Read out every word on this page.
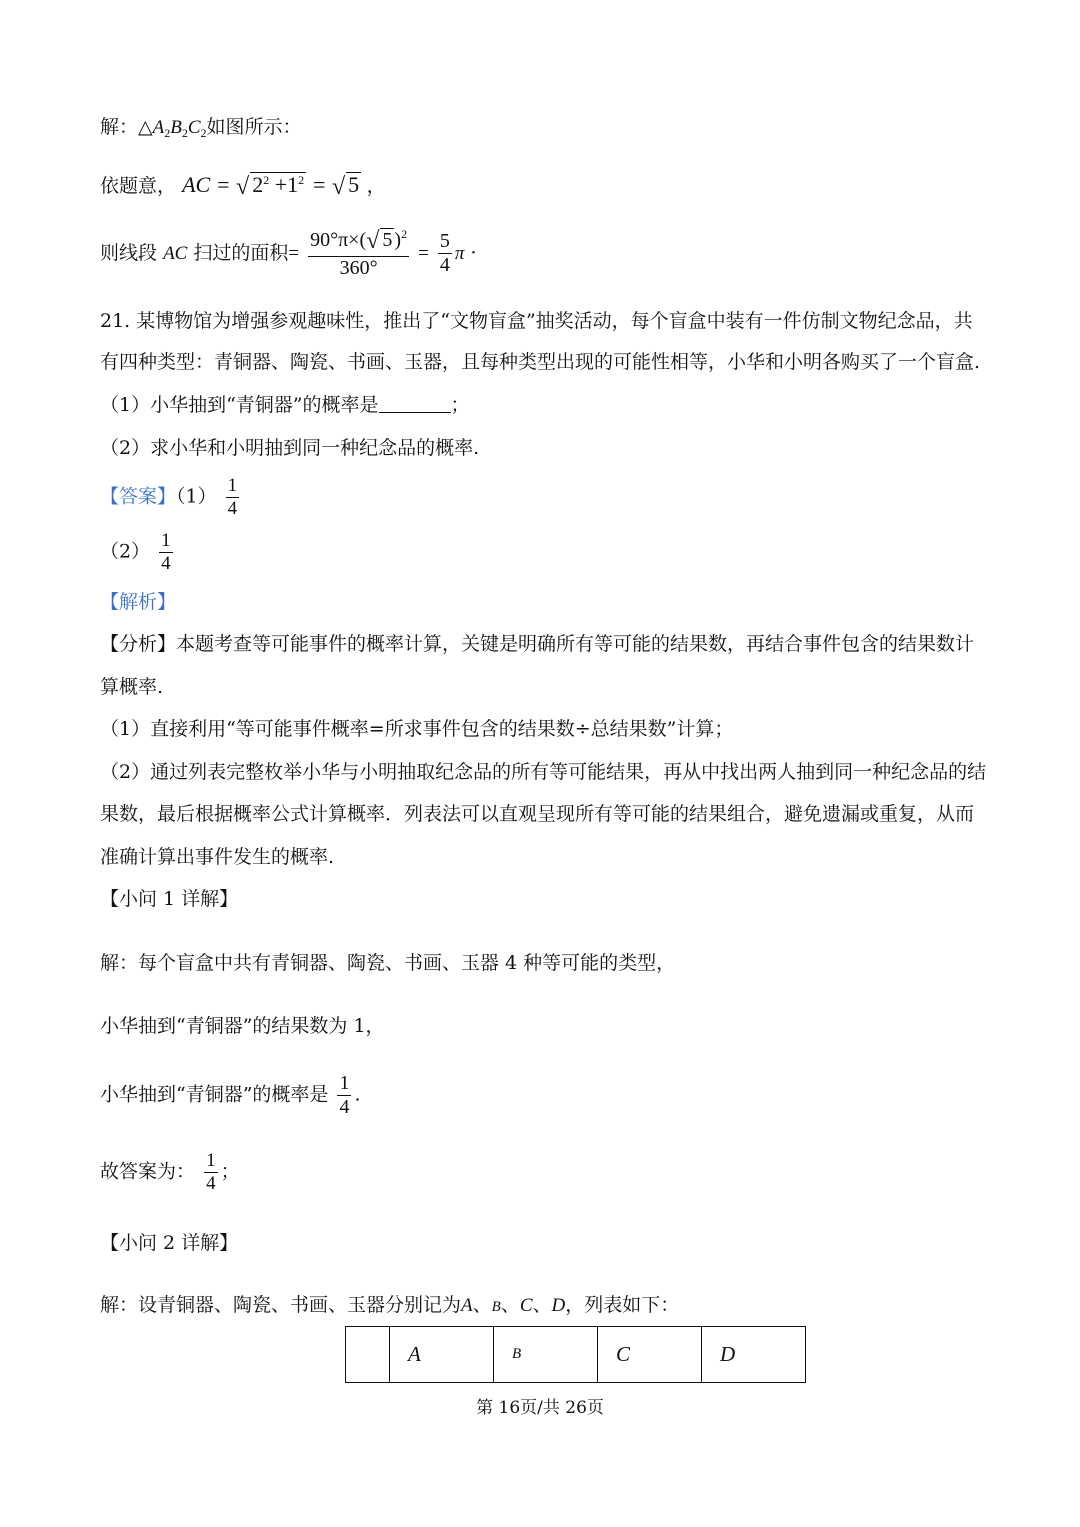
解：$\triangle A_2B_2C_2$如图所示：
依题意， AC = √ $2^2 +1^2$ = √ 5 ，
则线段 AC 扫过的面积= $\frac{90^\circ\pi\times(√ 5 )^2}{360^\circ} = \frac{5}{4}$ π ·
21. 某博物馆为增强参观趣味性，推出了“文物盲盒”抽奖活动，每个盲盒中装有一件仿制文物纪念品，共
有四种类型：青铜器、陶瓷、书画、玉器，且每种类型出现的可能性相等，小华和小明各购买了一个盲盒.
（1）小华抽到“青铜器”的概率是	；
（2）求小华和小明抽到同一种纪念品的概率.
【答案】$(1) \frac{1}{4}$
$(2) \frac{1}{4}$
【解析】
【分析】本题考查等可能事件的概率计算，关键是明确所有等可能的结果数，再结合事件包含的结果数计
算概率.
（1）直接利用“等可能事件概率=所求事件包含的结果数÷总结果数”计算；
（2）通过列表完整枚举小华与小明抽取纪念品的所有等可能结果，再从中找出两人抽到同一种纪念品的结
果数，最后根据概率公式计算概率．列表法可以直观呈现所有等可能的结果组合，避免遗漏或重复，从而
准确计算出事件发生的概率.
【小问 1 详解】
解：每个盲盒中共有青铜器、陶瓷、书画、玉器 4 种等可能的类型，
小华抽到“青铜器”的结果数为 1，
小华抽到“青铜器”的概率是 $\frac{1}{4}$ .
故答案为： $\frac{1}{4}$ ；
【小问 2 详解】
解：设青铜器、陶瓷、书画、玉器分别记为A、B、C、D，列表如下：
	A	B	C	D
第 16页/共 26页
